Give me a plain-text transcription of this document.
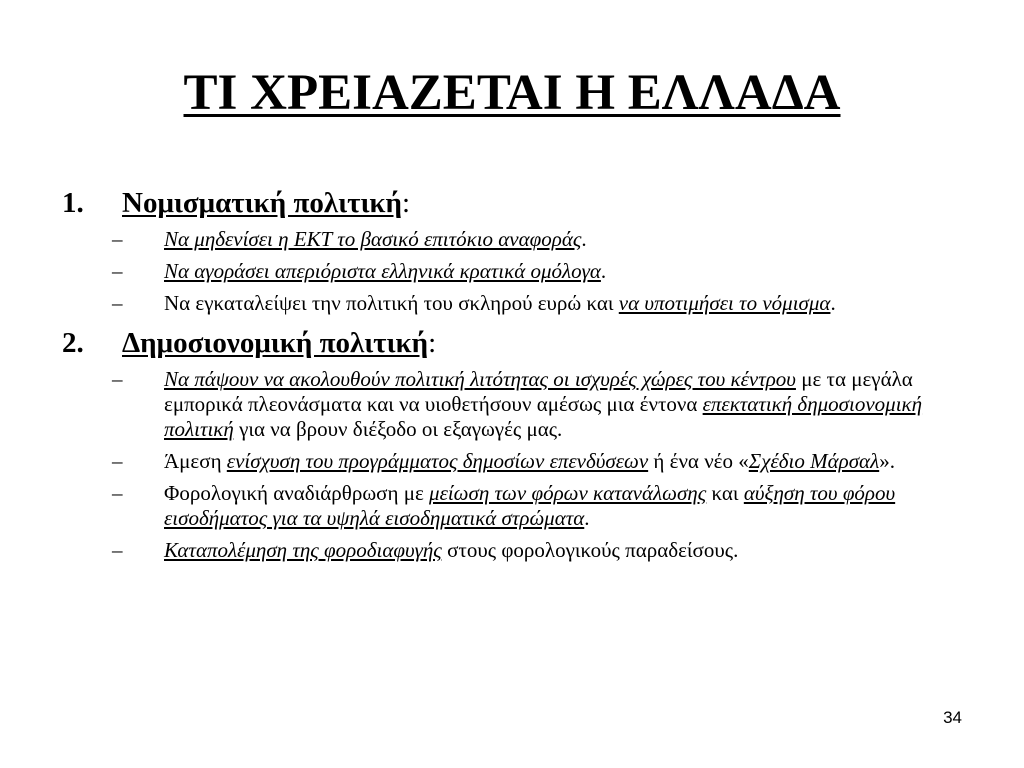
ΤΙ ΧΡΕΙΑΖΕΤΑΙ Η ΕΛΛΑΔΑ
1.	Νομισματική πολιτική :
–	Να μηδενίσει η ΕΚΤ το βασικό επιτόκιο αναφοράς.
–	Να αγοράσει απεριόριστα ελληνικά κρατικά ομόλογα.
–	Να εγκαταλείψει την πολιτική του σκληρού ευρώ και να υποτιμήσει το νόμισμα.
2.	Δημοσιονομική πολιτική :
–	Να πάψουν να ακολουθούν πολιτική λιτότητας οι ισχυρές χώρες του κέντρου με τα μεγάλα εμπορικά πλεονάσματα και να υιοθετήσουν αμέσως μια έντονα επεκτατική δημοσιονομική πολιτική για να βρουν διέξοδο οι εξαγωγές μας.
–	Άμεση ενίσχυση του προγράμματος δημοσίων επενδύσεων ή ένα νέο «Σχέδιο Μάρσαλ».
–	Φορολογική αναδιάρθρωση με μείωση των φόρων κατανάλωσης και αύξηση του φόρου εισοδήματος για τα υψηλά εισοδηματικά στρώματα.
–	Καταπολέμηση της φοροδιαφυγής στους φορολογικούς παραδείσους.
34
